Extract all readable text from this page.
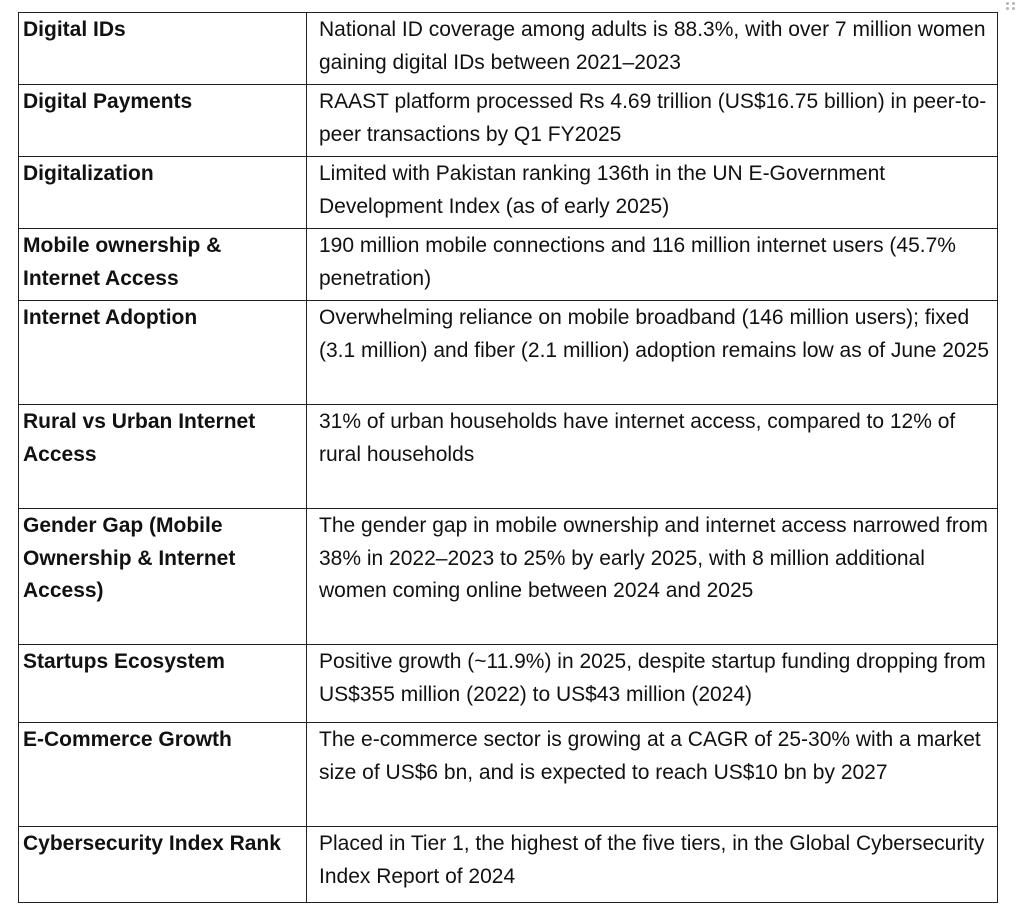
Digital IDs	National ID coverage among adults is 88.3%, with over 7 million women gaining digital IDs between 2021–2023
Digital Payments	RAAST platform processed Rs 4.69 trillion (US$16.75 billion) in peer-to-peer transactions by Q1 FY2025
Digitalization	Limited with Pakistan ranking 136th in the UN E-Government Development Index (as of early 2025)
Mobile ownership & Internet Access	190 million mobile connections and 116 million internet users (45.7% penetration)
Internet Adoption	Overwhelming reliance on mobile broadband (146 million users); fixed (3.1 million) and fiber (2.1 million) adoption remains low as of June 2025
Rural vs Urban Internet Access	31% of urban households have internet access, compared to 12% of rural households
Gender Gap (Mobile Ownership & Internet Access)	The gender gap in mobile ownership and internet access narrowed from 38% in 2022–2023 to 25% by early 2025, with 8 million additional women coming online between 2024 and 2025
Startups Ecosystem	Positive growth (~11.9%) in 2025, despite startup funding dropping from US$355 million (2022) to US$43 million (2024)
E-Commerce Growth	The e-commerce sector is growing at a CAGR of 25-30% with a market size of US$6 bn, and is expected to reach US$10 bn by 2027
Cybersecurity Index Rank	Placed in Tier 1, the highest of the five tiers, in the Global Cybersecurity Index Report of 2024
